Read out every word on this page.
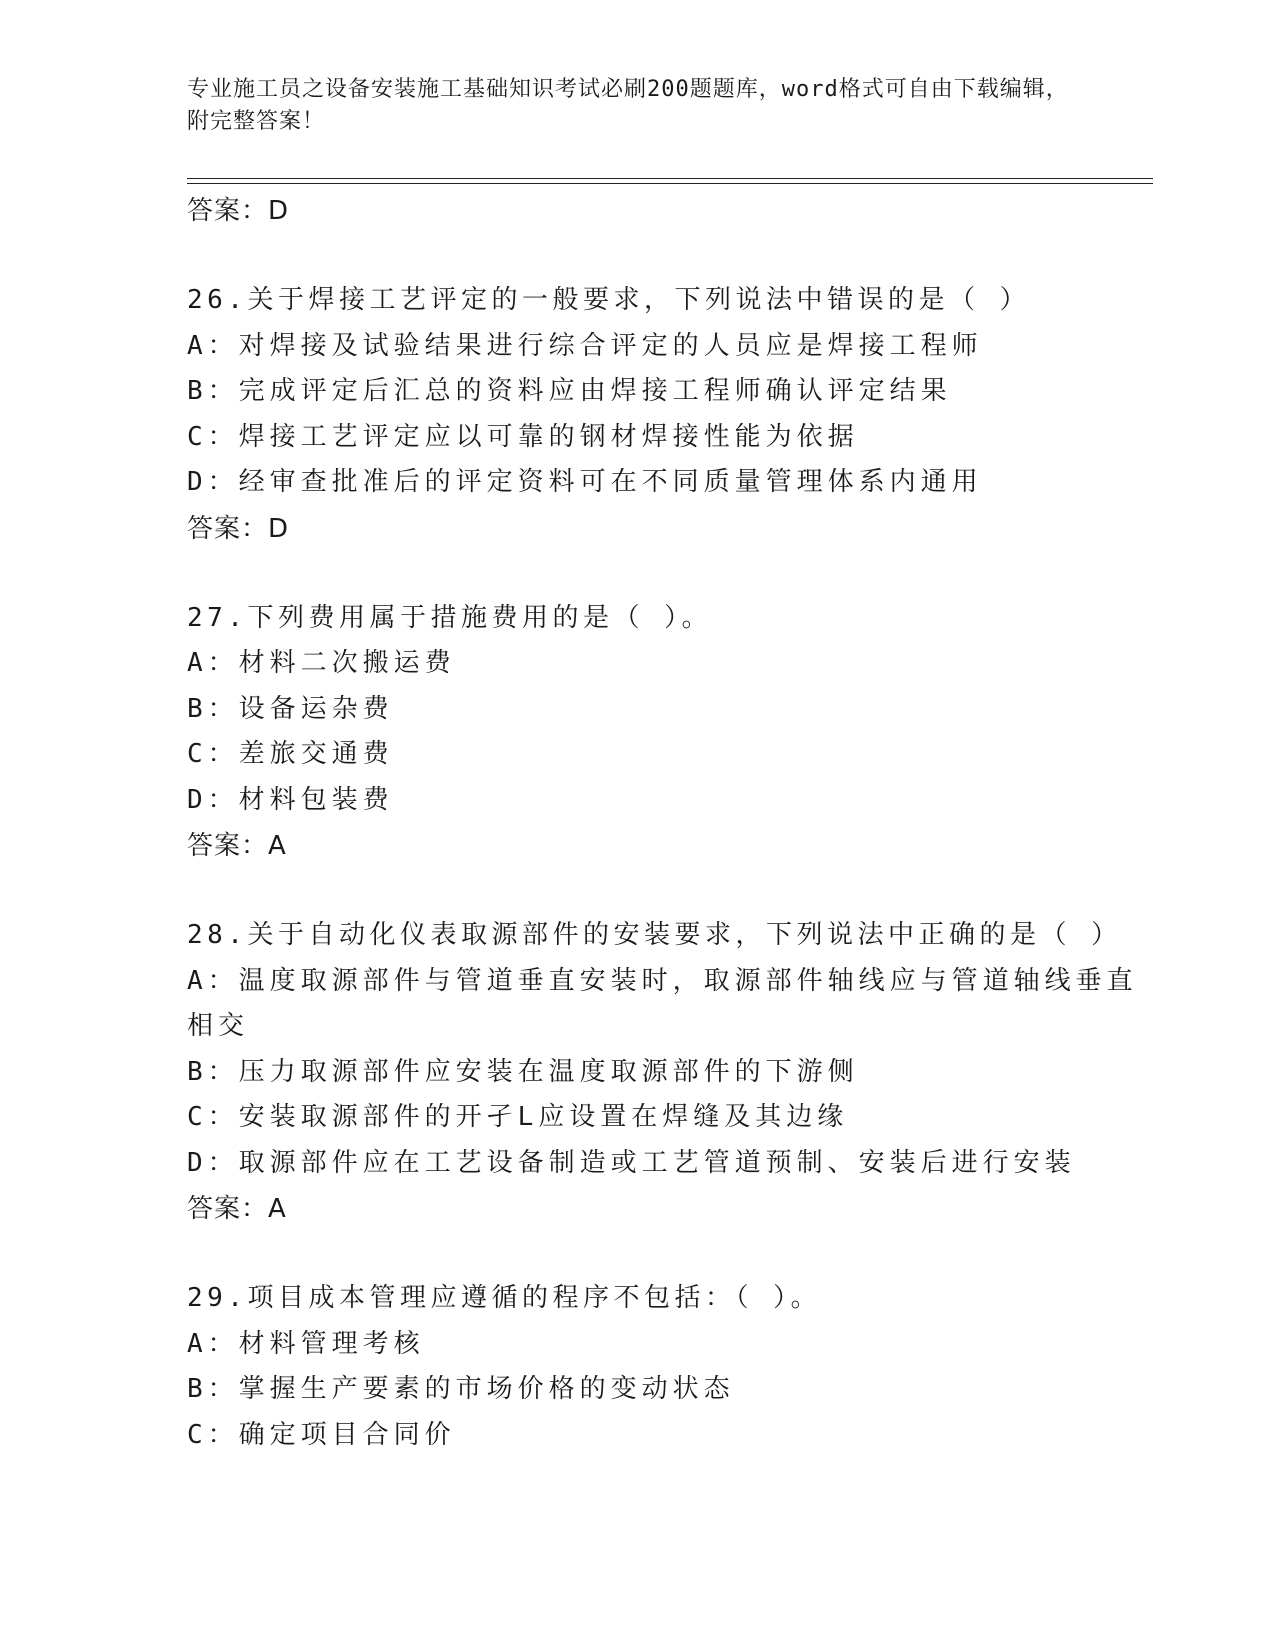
专业施工员之设备安装施工基础知识考试必刷200题题库，word格式可自由下载编辑，附完整答案！
答案：D
26.关于焊接工艺评定的一般要求，下列说法中错误的是（ ）
A：对焊接及试验结果进行综合评定的人员应是焊接工程师
B：完成评定后汇总的资料应由焊接工程师确认评定结果
C：焊接工艺评定应以可靠的钢材焊接性能为依据
D：经审查批准后的评定资料可在不同质量管理体系内通用
答案：D
27.下列费用属于措施费用的是（ ）。
A：材料二次搬运费
B：设备运杂费
C：差旅交通费
D：材料包装费
答案：A
28.关于自动化仪表取源部件的安装要求，下列说法中正确的是（ ）
A：温度取源部件与管道垂直安装时，取源部件轴线应与管道轴线垂直相交
B：压力取源部件应安装在温度取源部件的下游侧
C：安装取源部件的开孑L应设置在焊缝及其边缘
D：取源部件应在工艺设备制造或工艺管道预制、安装后进行安装
答案：A
29.项目成本管理应遵循的程序不包括：（ ）。
A：材料管理考核
B：掌握生产要素的市场价格的变动状态
C：确定项目合同价
